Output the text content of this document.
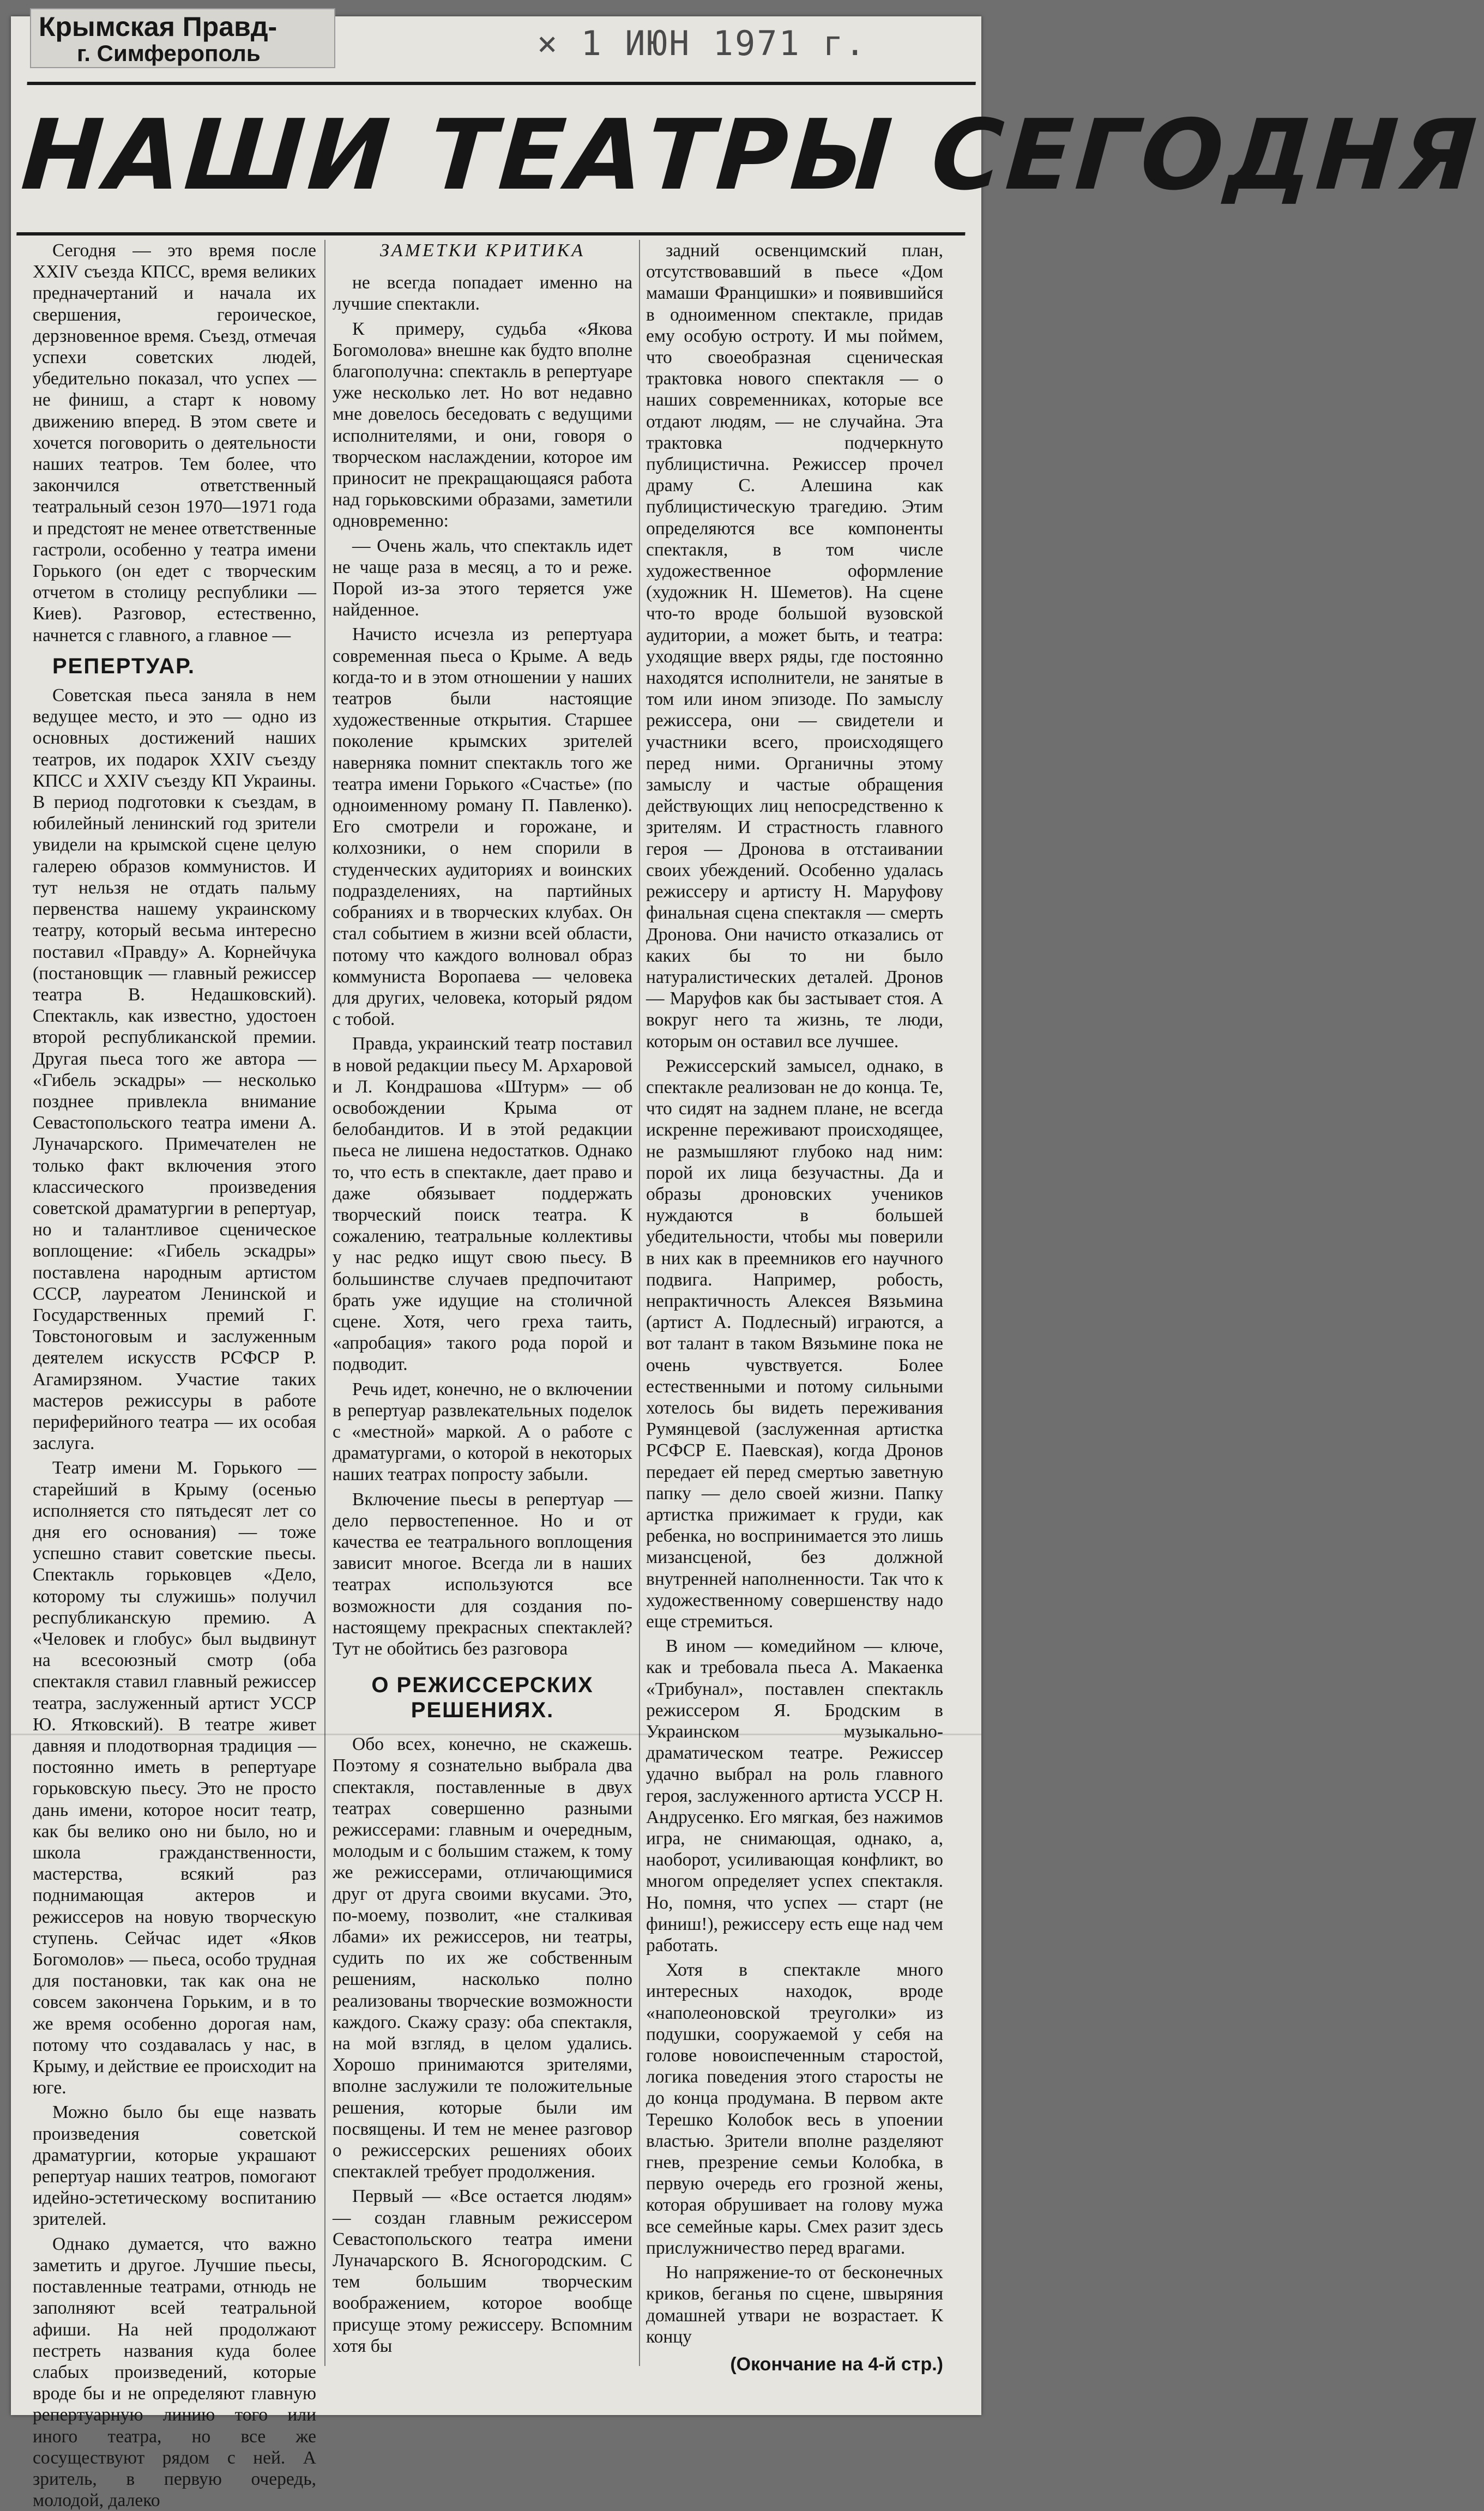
Крымская Правд-
г. Симферополь	× 1 ИЮН 1971 г.
НАШИ ТЕАТРЫ СЕГОДНЯ

Сегодня — это время после XXIV съезда КПСС, время великих предначертаний и начала их свершения, героическое, дерзновенное время. Съезд, отмечая успехи советских людей, убедительно показал, что успех — не финиш, а старт к новому движению вперед. В этом свете и хочется поговорить о деятельности наших театров. Тем более, что закончился ответственный театральный сезон 1970—1971 года и предстоят не менее ответственные гастроли, особенно у театра имени Горького (он едет с творческим отчетом в столицу республики — Киев). Разговор, естественно, начнется с главного, а главное —

РЕПЕРТУАР.

Советская пьеса заняла в нем ведущее место, и это — одно из основных достижений наших театров, их подарок XXIV съезду КПСС и XXIV съезду КП Украины. В период подготовки к съездам, в юбилейный ленинский год зрители увидели на крымской сцене целую галерею образов коммунистов. И тут нельзя не отдать пальму первенства нашему украинскому театру, который весьма интересно поставил «Правду» А. Корнейчука (постановщик — главный режиссер театра В. Недашковский). Спектакль, как известно, удостоен второй республиканской премии. Другая пьеса того же автора — «Гибель эскадры» — несколько позднее привлекла внимание Севастопольского театра имени А. Луначарского. Примечателен не только факт включения этого классического произведения советской драматургии в репертуар, но и талантливое сценическое воплощение: «Гибель эскадры» поставлена народным артистом СССР, лауреатом Ленинской и Государственных премий Г. Товстоноговым и заслуженным деятелем искусств РСФСР Р. Агамирзяном. Участие таких мастеров режиссуры в работе периферийного театра — их особая заслуга.

Театр имени М. Горького — старейший в Крыму (осенью исполняется сто пятьдесят лет со дня его основания) — тоже успешно ставит советские пьесы. Спектакль горьковцев «Дело, которому ты служишь» получил республиканскую премию. А «Человек и глобус» был выдвинут на всесоюзный смотр (оба спектакля ставил главный режиссер театра, заслуженный артист УССР Ю. Ятковский). В театре живет давняя и плодотворная традиция — постоянно иметь в репертуаре горьковскую пьесу. Это не просто дань имени, которое носит театр, как бы велико оно ни было, но и школа гражданственности, мастерства, всякий раз поднимающая актеров и режиссеров на новую творческую ступень. Сейчас идет «Яков Богомолов» — пьеса, особо трудная для постановки, так как она не совсем закончена Горьким, и в то же время особенно дорогая нам, потому что создавалась у нас, в Крыму, и действие ее происходит на юге.

Можно было бы еще назвать произведения советской драматургии, которые украшают репертуар наших театров, помогают идейно-эстетическому воспитанию зрителей.

Однако думается, что важно заметить и другое. Лучшие пьесы, поставленные театрами, отнюдь не заполняют всей театральной афиши. На ней продолжают пестреть названия куда более слабых произведений, которые вроде бы и не определяют главную репертуарную линию того или иного театра, но все же сосуществуют рядом с ней. А зритель, в первую очередь, молодой, далеко

ЗАМЕТКИ КРИТИКА

не всегда попадает именно на лучшие спектакли.

К примеру, судьба «Якова Богомолова» внешне как будто вполне благополучна: спектакль в репертуаре уже несколько лет. Но вот недавно мне довелось беседовать с ведущими исполнителями, и они, говоря о творческом наслаждении, которое им приносит не прекращающаяся работа над горьковскими образами, заметили одновременно:

— Очень жаль, что спектакль идет не чаще раза в месяц, а то и реже. Порой из-за этого теряется уже найденное.

Начисто исчезла из репертуара современная пьеса о Крыме. А ведь когда-то и в этом отношении у наших театров были настоящие художественные открытия. Старшее поколение крымских зрителей наверняка помнит спектакль того же театра имени Горького «Счастье» (по одноименному роману П. Павленко). Его смотрели и горожане, и колхозники, о нем спорили в студенческих аудиториях и воинских подразделениях, на партийных собраниях и в творческих клубах. Он стал событием в жизни всей области, потому что каждого волновал образ коммуниста Воропаева — человека для других, человека, который рядом с тобой.

Правда, украинский театр поставил в новой редакции пьесу М. Архаровой и Л. Кондрашова «Штурм» — об освобождении Крыма от белобандитов. И в этой редакции пьеса не лишена недостатков. Однако то, что есть в спектакле, дает право и даже обязывает поддержать творческий поиск театра. К сожалению, театральные коллективы у нас редко ищут свою пьесу. В большинстве случаев предпочитают брать уже идущие на столичной сцене. Хотя, чего греха таить, «апробация» такого рода порой и подводит.

Речь идет, конечно, не о включении в репертуар развлекательных поделок с «местной» маркой. А о работе с драматургами, о которой в некоторых наших театрах попросту забыли.

Включение пьесы в репертуар — дело первостепенное. Но и от качества ее театрального воплощения зависит многое. Всегда ли в наших театрах используются все возможности для создания по-настоящему прекрасных спектаклей? Тут не обойтись без разговора

О РЕЖИССЕРСКИХ РЕШЕНИЯХ.

Обо всех, конечно, не скажешь. Поэтому я сознательно выбрала два спектакля, поставленные в двух театрах совершенно разными режиссерами: главным и очередным, молодым и с большим стажем, к тому же режиссерами, отличающимися друг от друга своими вкусами. Это, по-моему, позволит, «не сталкивая лбами» их режиссеров, ни театры, судить по их же собственным решениям, насколько полно реализованы творческие возможности каждого. Скажу сразу: оба спектакля, на мой взгляд, в целом удались. Хорошо принимаются зрителями, вполне заслужили те положительные решения, которые были им посвящены. И тем не менее разговор о режиссерских решениях обоих спектаклей требует продолжения.

Первый — «Все остается людям» — создан главным режиссером Севастопольского театра имени Луначарского В. Ясногородским. С тем большим творческим воображением, которое вообще присуще этому режиссеру. Вспомним хотя бы

задний освенцимский план, отсутствовавший в пьесе «Дом мамаши Францишки» и появившийся в одноименном спектакле, придав ему особую остроту. И мы поймем, что своеобразная сценическая трактовка нового спектакля — о наших современниках, которые все отдают людям, — не случайна. Эта трактовка подчеркнуто публицистична. Режиссер прочел драму С. Алешина как публицистическую трагедию. Этим определяются все компоненты спектакля, в том числе художественное оформление (художник Н. Шеметов). На сцене что-то вроде большой вузовской аудитории, а может быть, и театра: уходящие вверх ряды, где постоянно находятся исполнители, не занятые в том или ином эпизоде. По замыслу режиссера, они — свидетели и участники всего, происходящего перед ними. Органичны этому замыслу и частые обращения действующих лиц непосредственно к зрителям. И страстность главного героя — Дронова в отстаивании своих убеждений. Особенно удалась режиссеру и артисту Н. Маруфову финальная сцена спектакля — смерть Дронова. Они начисто отказались от каких бы то ни было натуралистических деталей. Дронов — Маруфов как бы застывает стоя. А вокруг него та жизнь, те люди, которым он оставил все лучшее.

Режиссерский замысел, однако, в спектакле реализован не до конца. Те, что сидят на заднем плане, не всегда искренне переживают происходящее, не размышляют глубоко над ним: порой их лица безучастны. Да и образы дроновских учеников нуждаются в большей убедительности, чтобы мы поверили в них как в преемников его научного подвига. Например, робость, непрактичность Алексея Вязьмина (артист А. Подлесный) играются, а вот талант в таком Вязьмине пока не очень чувствуется. Более естественными и потому сильными хотелось бы видеть переживания Румянцевой (заслуженная артистка РСФСР Е. Паевская), когда Дронов передает ей перед смертью заветную папку — дело своей жизни. Папку артистка прижимает к груди, как ребенка, но воспринимается это лишь мизансценой, без должной внутренней наполненности. Так что к художественному совершенству надо еще стремиться.

В ином — комедийном — ключе, как и требовала пьеса А. Макаенка «Трибунал», поставлен спектакль режиссером Я. Бродским в Украинском музыкально-драматическом театре. Режиссер удачно выбрал на роль главного героя, заслуженного артиста УССР Н. Андрусенко. Его мягкая, без нажимов игра, не снимающая, однако, а, наоборот, усиливающая конфликт, во многом определяет успех спектакля. Но, помня, что успех — старт (не финиш!), режиссеру есть еще над чем работать.

Хотя в спектакле много интересных находок, вроде «наполеоновской треуголки» из подушки, сооружаемой у себя на голове новоиспеченным старостой, логика поведения этого старосты не до конца продумана. В первом акте Терешко Колобок весь в упоении властью. Зрители вполне разделяют гнев, презрение семьи Колобка, в первую очередь его грозной жены, которая обрушивает на голову мужа все семейные кары. Смех разит здесь прислужничество перед врагами.

Но напряжение-то от бесконечных криков, беганья по сцене, швыряния домашней утвари не возрастает. К концу

(Окончание на 4-й стр.)
